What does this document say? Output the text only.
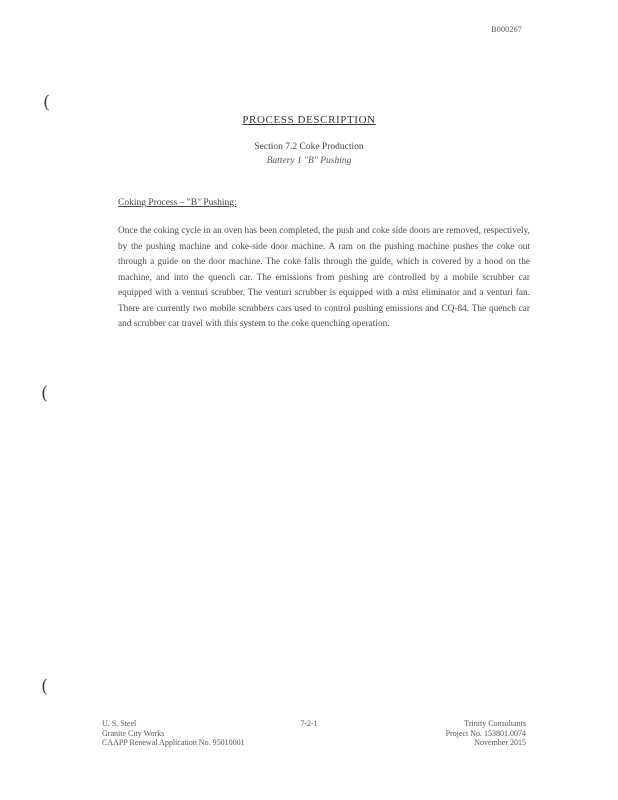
B000267
(
(
(
PROCESS DESCRIPTION
Section 7.2 Coke Production
Battery 1 "B" Pushing
Coking Process – "B" Pushing:
Once the coking cycle in an oven has been completed, the push and coke side doors are removed, respectively, by the pushing machine and coke-side door machine. A ram on the pushing machine pushes the coke out through a guide on the door machine. The coke falls through the guide, which is covered by a hood on the machine, and into the quench car. The emissions from pushing are controlled by a mobile scrubber car equipped with a venturi scrubber. The venturi scrubber is equipped with a mist eliminator and a venturi fan. There are currently two mobile scrubbers cars used to control pushing emissions and CQ-84. The quench car and scrubber car travel with this system to the coke quenching operation.
U. S. Steel
Granite City Works
CAAPP Renewal Application No. 95010001
7-2-1	Trinity Consultants
Project No. 153801.0074
November 2015
